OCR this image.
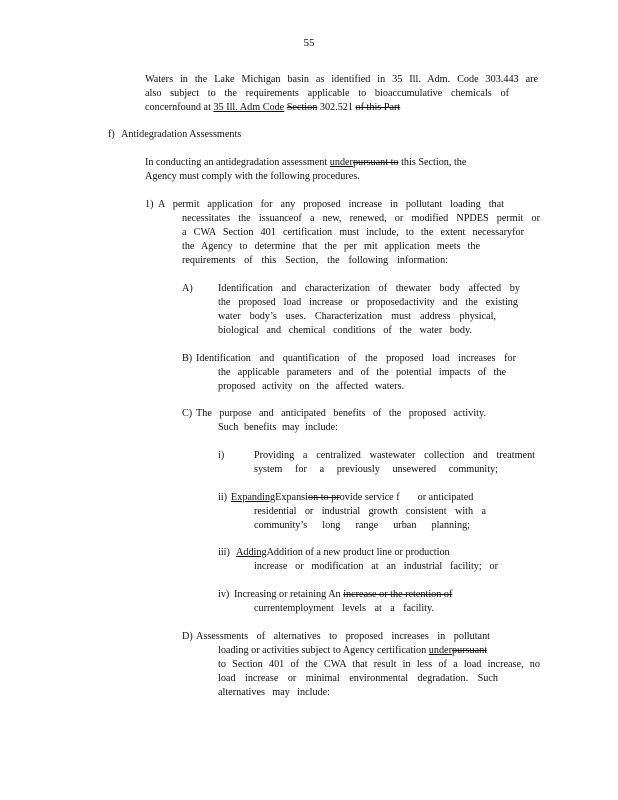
55
Waters in the Lake Michigan basin as identified in 35 Ill. Adm. Code 303.443 are
also subject to the requirements applicable to bioaccumulative chemicals of
concernfound at 35 Ill. Adm Code Section 302.521 of this Part
f) Antidegradation Assessments
In conducting an antidegradation assessment underpursuant to this Section, the
Agency must comply with the following procedures.
1) A permit application for any proposed increase in pollutant loading that
necessitates the issuanceof a new, renewed, or modified NPDES permit or
a CWA Section 401 certification must include, to the extent necessaryfor
the Agency to determine that the per mit application meets the
requirements of this Section, the following information:
A) Identification and characterization of thewater body affected by
the proposed load increase or proposedactivity and the existing
water body’s uses. Characterization must address physical,
biological and chemical conditions of the water body.
B) Identification and quantification of the proposed load increases for
the applicable parameters and of the potential impacts of the
proposed activity on the affected waters.
C) The purpose and anticipated benefits of the proposed activity.
Such benefits may include:
i)	Providing a centralized wastewater collection and treatment
system for a previously unsewered community;
ii) ExpandingExpansion to provide service f or anticipated
residential or industrial growth consistent with a
community’s long range urban planning;
iii) AddingAddition of a new product line or production
increase or modification at an industrial facility; or
iv) Increasing or retaining An increase or the retention of
currentemployment levels at a facility.
D) Assessments of alternatives to proposed increases in pollutant
loading or activities subject to Agency certification underpursuant
to Section 401 of the CWA that result in less of a load increase, no
load increase or minimal environmental degradation. Such
alternatives may include:
